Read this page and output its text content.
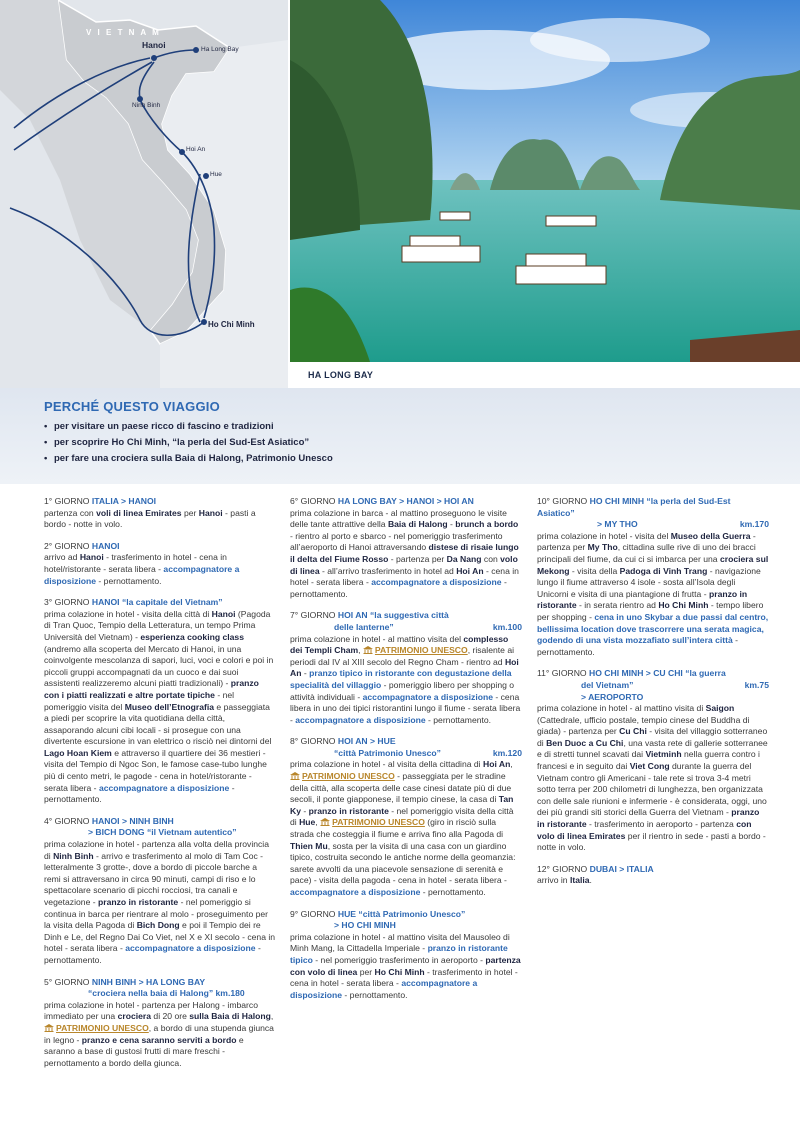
V I E T N A M
Hanoi	Ha Long Bay
Ninh Binh
Hoi An
Hue
Ho Chi Minh
HA LONG BAY
PERCHÉ QUESTO VIAGGIO
• per visitare un paese ricco di fascino e tradizioni
• per scoprire Ho Chi Minh, “la perla del Sud-Est Asiatico”
• per fare una crociera sulla Baia di Halong, Patrimonio Unesco
1° GIORNO ITALIA > HANOI
partenza con voli di linea Emirates per Hanoi - pasti a bordo - notte in volo.
2° GIORNO HANOI
arrivo ad Hanoi - trasferimento in hotel - cena in hotel/ristorante - serata libera - accompagnatore a disposizione - pernottamento.
3° GIORNO HANOI “la capitale del Vietnam”
prima colazione in hotel - visita della città di Hanoi (Pagoda di Tran Quoc, Tempio della Letteratura, un tempo Prima Università del Vietnam) - esperienza cooking class (andremo alla scoperta del Mercato di Hanoi, in una coinvolgente mescolanza di sapori, luci, voci e colori e poi in piccoli gruppi accompagnati da un cuoco e dai suoi assistenti realizzeremo alcuni piatti tradizionali) - pranzo con i piatti realizzati e altre portate tipiche - nel pomeriggio visita del Museo dell’Etnografia e passeggiata a piedi per scoprire la vita quotidiana della città, assaporando alcuni cibi locali - si prosegue con una divertente escursione in van elettrico o risciò nei dintorni del Lago Hoan Kiem e attraverso il quartiere dei 36 mestieri - visita del Tempio di Ngoc Son, le famose case-tubo lunghe più di cento metri, le pagode - cena in hotel/ristorante - serata libera - accompagnatore a disposizione - pernottamento.
4° GIORNO HANOI > NINH BINH
> BICH DONG “il Vietnam autentico”
prima colazione in hotel - partenza alla volta della provincia di Ninh Binh - arrivo e trasferimento al molo di Tam Coc -letteralmente 3 grotte-, dove a bordo di piccole barche a remi si attraversano in circa 90 minuti, campi di riso e lo spettacolare scenario di picchi rocciosi, tra canali e vegetazione - pranzo in ristorante - nel pomeriggio si continua in barca per rientrare al molo - proseguimento per la visita della Pagoda di Bich Dong e poi il Tempio dei re Dinh e Le, del Regno Dai Co Viet, nel X e XI secolo - cena in hotel - serata libera - accompagnatore a disposizione - pernottamento.
5° GIORNO NINH BINH > HA LONG BAY
“crociera nella baia di Halong” km.180
prima colazione in hotel - partenza per Halong - imbarco immediato per una crociera di 20 ore sulla Baia di Halong, PATRIMONIO UNESCO, a bordo di una stupenda giunca in legno - pranzo e cena saranno serviti a bordo e saranno a base di gustosi frutti di mare freschi - pernottamento a bordo della giunca.
6° GIORNO HA LONG BAY > HANOI > HOI AN
prima colazione in barca - al mattino proseguono le visite delle tante attrattive della Baia di Halong - brunch a bordo - rientro al porto e sbarco - nel pomeriggio trasferimento all’aeroporto di Hanoi attraversando distese di risaie lungo il delta del Fiume Rosso - partenza per Da Nang con volo di linea - all’arrivo trasferimento in hotel ad Hoi An - cena in hotel - serata libera - accompagnatore a disposizione - pernottamento.
7° GIORNO HOI AN “la suggestiva città
delle lanterne”	km.100
prima colazione in hotel - al mattino visita del complesso dei Templi Cham, PATRIMONIO UNESCO, risalente ai periodi dal IV al XIII secolo del Regno Cham - rientro ad Hoi An - pranzo tipico in ristorante con degustazione della specialità del villaggio - pomeriggio libero per shopping o attività individuali - accompagnatore a disposizione - cena libera in uno dei tipici ristorantini lungo il fiume - serata libera - accompagnatore a disposizione - pernottamento.
8° GIORNO HOI AN > HUE
“città Patrimonio Unesco”	km.120
prima colazione in hotel - al visita della cittadina di Hoi An, PATRIMONIO UNESCO - passeggiata per le stradine della città, alla scoperta delle case cinesi datate più di due secoli, il ponte giapponese, il tempio cinese, la casa di Tan Ky - pranzo in ristorante - nel pomeriggio visita della città di Hue, PATRIMONIO UNESCO (giro in risciò sulla strada che costeggia il fiume e arriva fino alla Pagoda di Thien Mu, sosta per la visita di una casa con un giardino tipico, costruita secondo le antiche norme della geomanzia: sarete avvolti da una piacevole sensazione di serenità e pace) - visita della pagoda - cena in hotel - serata libera - accompagnatore a disposizione - pernottamento.
9° GIORNO HUE “città Patrimonio Unesco”
> HO CHI MINH
prima colazione in hotel - al mattino visita del Mausoleo di Minh Mang, la Cittadella Imperiale - pranzo in ristorante tipico - nel pomeriggio trasferimento in aeroporto - partenza con volo di linea per Ho Chi Minh - trasferimento in hotel - cena in hotel - serata libera - accompagnatore a disposizione - pernottamento.
10° GIORNO HO CHI MINH “la perla del Sud-Est Asiatico”
> MY THO	km.170
prima colazione in hotel - visita del Museo della Guerra - partenza per My Tho, cittadina sulle rive di uno dei bracci principali del fiume, da cui ci si imbarca per una crociera sul Mekong - visita della Padoga di Vinh Trang - navigazione lungo il fiume attraverso 4 isole - sosta all’Isola degli Unicorni e visita di una piantagione di frutta - pranzo in ristorante - in serata rientro ad Ho Chi Minh - tempo libero per shopping - cena in uno Skybar a due passi dal centro, bellissima location dove trascorrere una serata magica, godendo di una vista mozzafiato sull’intera città - pernottamento.
11° GIORNO HO CHI MINH > CU CHI “la guerra
del Vietnam”	km.75
> AEROPORTO
prima colazione in hotel - al mattino visita di Saigon (Cattedrale, ufficio postale, tempio cinese del Buddha di giada) - partenza per Cu Chi - visita del villaggio sotterraneo di Ben Duoc a Cu Chi, una vasta rete di gallerie sotterranee e di stretti tunnel scavati dai Vietminh nella guerra contro i francesi e in seguito dai Viet Cong durante la guerra del Vietnam contro gli Americani - tale rete si trova 3-4 metri sotto terra per 200 chilometri di lunghezza, ben organizzata con delle sale riunioni e infermerie - è considerata, oggi, uno dei più grandi siti storici della Guerra del Vietnam - pranzo in ristorante - trasferimento in aeroporto - partenza con volo di linea Emirates per il rientro in sede - pasti a bordo - notte in volo.
12° GIORNO DUBAI > ITALIA
arrivo in Italia.
